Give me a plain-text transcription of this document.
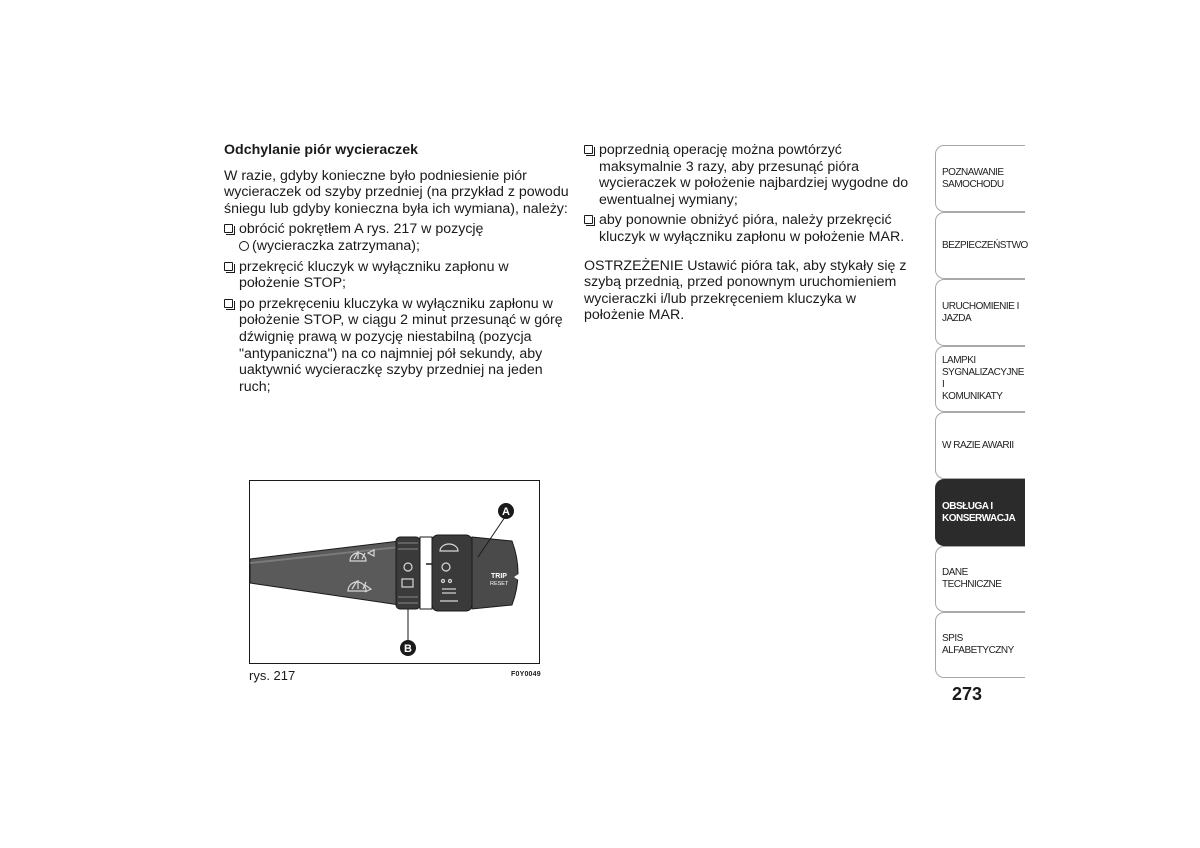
Odchylanie piór wycieraczek
W razie, gdyby konieczne było podniesienie piór wycieraczek od szyby przedniej (na przykład z powodu śniegu lub gdyby konieczna była ich wymiana), należy:
obrócić pokrętłem A rys. 217 w pozycję
(wycieraczka zatrzymana);
przekręcić kluczyk w wyłączniku zapłonu w położenie STOP;
po przekręceniu kluczyka w wyłączniku zapłonu w położenie STOP, w ciągu 2 minut przesunąć w górę dźwignię prawą w pozycję niestabilną (pozycja "antypaniczna") na co najmniej pół sekundy, aby uaktywnić wycieraczkę szyby przedniej na jeden ruch;
poprzednią operację można powtórzyć maksymalnie 3 razy, aby przesunąć pióra wycieraczek w położenie najbardziej wygodne do ewentualnej wymiany;
aby ponownie obniżyć pióra, należy przekręcić kluczyk w wyłączniku zapłonu w położenie MAR.
OSTRZEŻENIE Ustawić pióra tak, aby stykały się z szybą przednią, przed ponownym uruchomieniem wycieraczki i/lub przekręceniem kluczyka w położenie MAR.
TRIP
RESET
A
B
rys. 217	F0Y0049
POZNAWANIE
SAMOCHODU
BEZPIECZEŃSTWO
URUCHOMIENIE I
JAZDA
LAMPKI
SYGNALIZACYJNE I
KOMUNIKATY
W RAZIE AWARII
OBSŁUGA I
KONSERWACJA
DANE TECHNICZNE
SPIS ALFABETYCZNY
273
